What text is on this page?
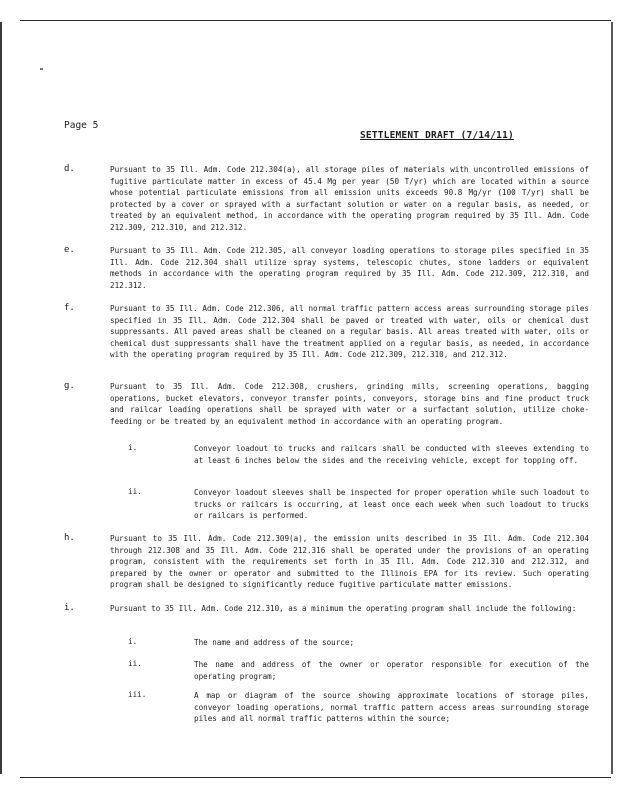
Page 5
SETTLEMENT DRAFT (7/14/11)
d.	Pursuant to 35 Ill. Adm. Code 212.304(a), all storage piles of materials with uncontrolled emissions of fugitive particulate matter in excess of 45.4 Mg per year (50 T/yr) which are located within a source whose potential particulate emissions from all emission units exceeds 90.8 Mg/yr (100 T/yr) shall be protected by a cover or sprayed with a surfactant solution or water on a regular basis, as needed, or treated by an equivalent method, in accordance with the operating program required by 35 Ill. Adm. Code 212.309, 212.310, and 212.312.
e.	Pursuant to 35 Ill. Adm. Code 212.305, all conveyor loading operations to storage piles specified in 35 Ill. Adm. Code 212.304 shall utilize spray systems, telescopic chutes, stone ladders or equivalent methods in accordance with the operating program required by 35 Ill. Adm. Code 212.309, 212.310, and 212.312.
f.	Pursuant to 35 Ill. Adm. Code 212.306, all normal traffic pattern access areas surrounding storage piles specified in 35 Ill. Adm. Code 212.304 shall be paved or treated with water, oils or chemical dust suppressants. All paved areas shall be cleaned on a regular basis. All areas treated with water, oils or chemical dust suppressants shall have the treatment applied on a regular basis, as needed, in accordance with the operating program required by 35 Ill. Adm. Code 212.309, 212.310, and 212.312.
g.	Pursuant to 35 Ill. Adm. Code 212.308, crushers, grinding mills, screening operations, bagging operations, bucket elevators, conveyor transfer points, conveyors, storage bins and fine product truck and railcar loading operations shall be sprayed with water or a surfactant solution, utilize choke-feeding or be treated by an equivalent method in accordance with an operating program.
i.	Conveyor loadout to trucks and railcars shall be conducted with sleeves extending to at least 6 inches below the sides and the receiving vehicle, except for topping off.
ii.	Conveyor loadout sleeves shall be inspected for proper operation while such loadout to trucks or railcars is occurring, at least once each week when such loadout to trucks or railcars is performed.
h.	Pursuant to 35 Ill. Adm. Code 212.309(a), the emission units described in 35 Ill. Adm. Code 212.304 through 212.308 and 35 Ill. Adm. Code 212.316 shall be operated under the provisions of an operating program, consistent with the requirements set forth in 35 Ill. Adm. Code 212.310 and 212.312, and prepared by the owner or operator and submitted to the Illinois EPA for its review. Such operating program shall be designed to significantly reduce fugitive particulate matter emissions.
i.	Pursuant to 35 Ill. Adm. Code 212.310, as a minimum the operating program shall include the following:
i.	The name and address of the source;
ii.	The name and address of the owner or operator responsible for execution of the operating program;
iii.	A map or diagram of the source showing approximate locations of storage piles, conveyor loading operations, normal traffic pattern access areas surrounding storage piles and all normal traffic patterns within the source;
